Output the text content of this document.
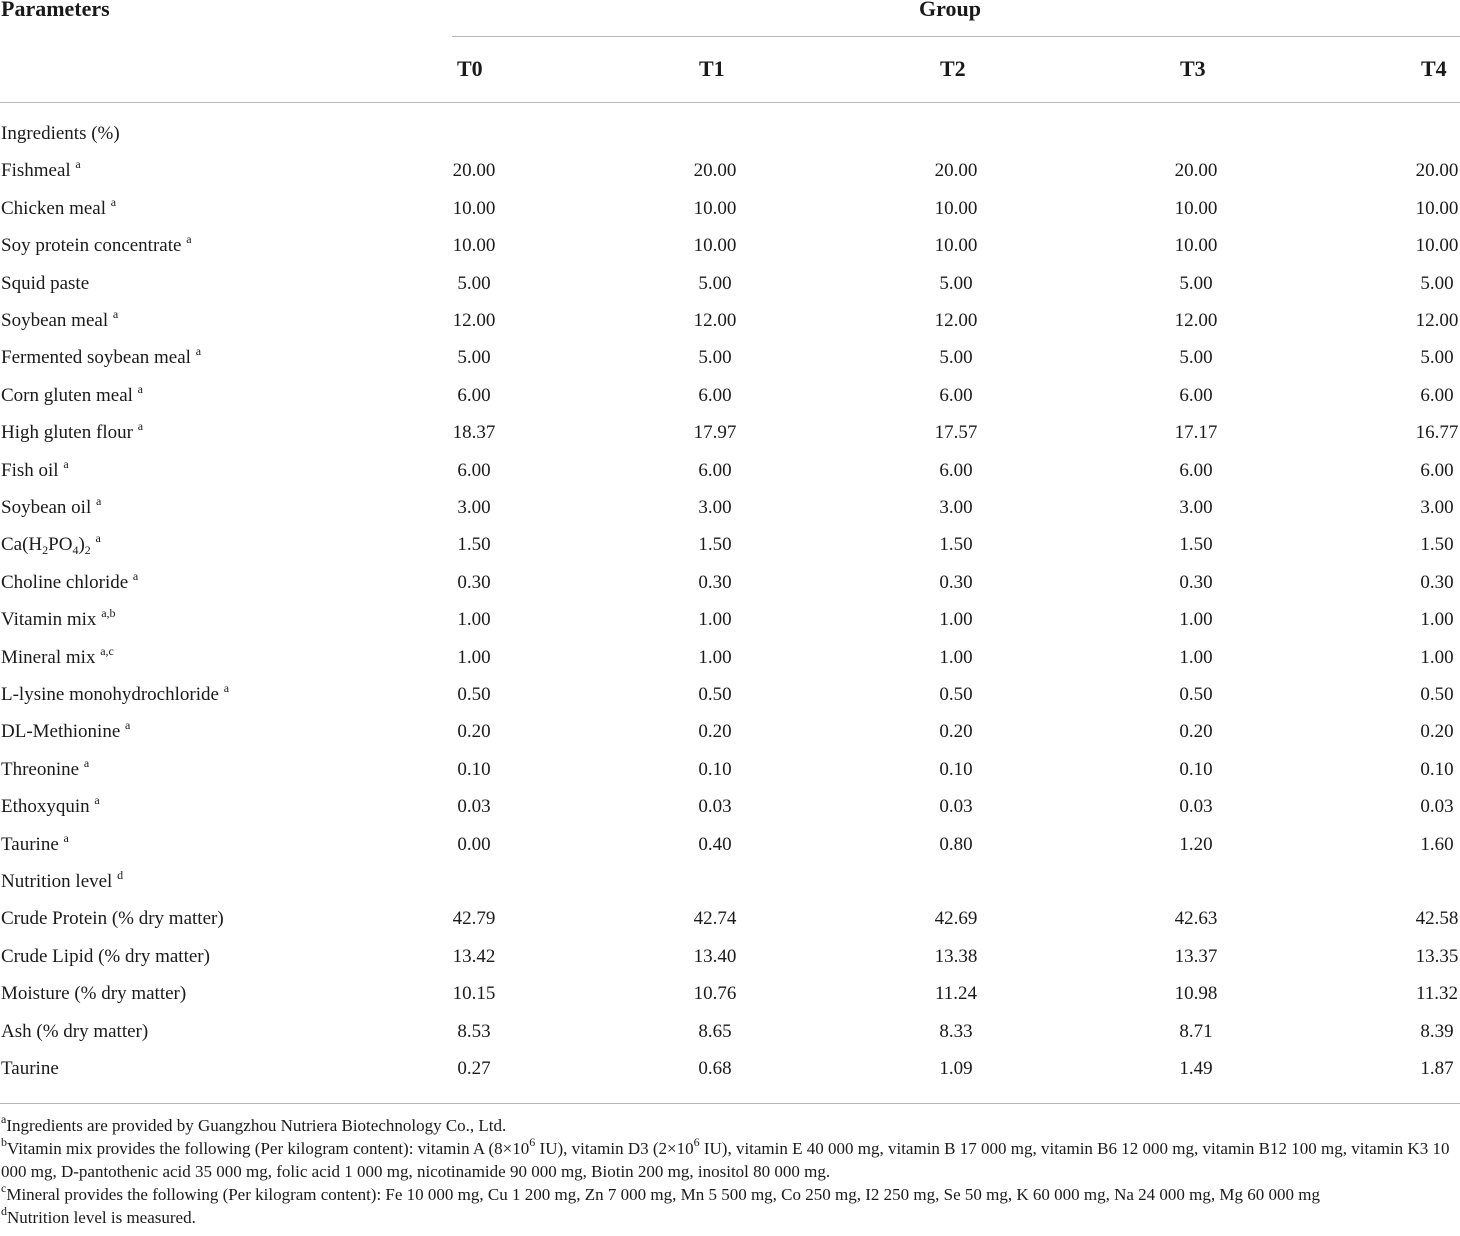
Parameters	Group
T0	T1	T2	T3	T4
Ingredients (%)
Fishmeal $^a$	20.00	20.00	20.00	20.00	20.00
Chicken meal $^a$	10.00	10.00	10.00	10.00	10.00
Soy protein concentrate $^a$	10.00	10.00	10.00	10.00	10.00
Squid paste	5.00	5.00	5.00	5.00	5.00
Soybean meal $^a$	12.00	12.00	12.00	12.00	12.00
Fermented soybean meal $^a$	5.00	5.00	5.00	5.00	5.00
Corn gluten meal $^a$	6.00	6.00	6.00	6.00	6.00
High gluten flour $^a$	18.37	17.97	17.57	17.17	16.77
Fish oil $^a$	6.00	6.00	6.00	6.00	6.00
Soybean oil $^a$	3.00	3.00	3.00	3.00	3.00
$Ca(H_2PO_4)_2$ $^a$	1.50	1.50	1.50	1.50	1.50
Choline chloride $^a$	0.30	0.30	0.30	0.30	0.30
Vitamin mix $^{a,b}$	1.00	1.00	1.00	1.00	1.00
Mineral mix $^{a,c}$	1.00	1.00	1.00	1.00	1.00
L-lysine monohydrochloride $^a$	0.50	0.50	0.50	0.50	0.50
DL-Methionine $^a$	0.20	0.20	0.20	0.20	0.20
Threonine $^a$	0.10	0.10	0.10	0.10	0.10
Ethoxyquin $^a$	0.03	0.03	0.03	0.03	0.03
Taurine $^a$	0.00	0.40	0.80	1.20	1.60
Nutrition level $^d$
Crude Protein (% dry matter)	42.79	42.74	42.69	42.63	42.58
Crude Lipid (% dry matter)	13.42	13.40	13.38	13.37	13.35
Moisture (% dry matter)	10.15	10.76	11.24	10.98	11.32
Ash (% dry matter)	8.53	8.65	8.33	8.71	8.39
Taurine	0.27	0.68	1.09	1.49	1.87

$^a$Ingredients are provided by Guangzhou Nutriera Biotechnology Co., Ltd.

$^b$Vitamin mix provides the following (Per kilogram content): vitamin A ($8\times 10^6$ IU), vitamin D3 ($2\times 10^6$ IU), vitamin E 40 000 mg, vitamin B 17 000 mg, vitamin B6 12 000 mg, vitamin B12 100 mg, vitamin K3 10 000 mg, D-pantothenic acid 35 000 mg, folic acid 1 000 mg, nicotinamide 90 000 mg, Biotin 200 mg, inositol 80 000 mg.

$^c$Mineral provides the following (Per kilogram content): Fe 10 000 mg, Cu 1 200 mg, Zn 7 000 mg, Mn 5 500 mg, Co 250 mg, I2 250 mg, Se 50 mg, K 60 000 mg, Na 24 000 mg, Mg 60 000 mg

$^d$Nutrition level is measured.
